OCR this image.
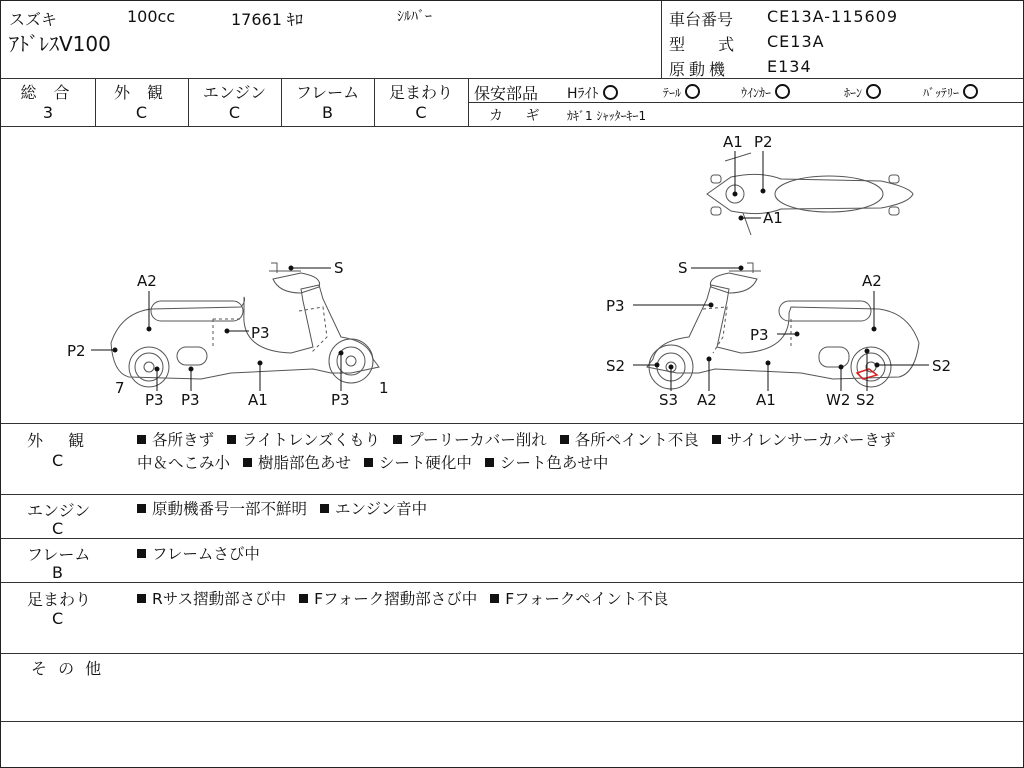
スズキ	100cc	17661 ｷﾛ	ｼﾙﾊﾞｰ
ｱﾄﾞﾚｽV100
車台番号 CE13A-115609
型 式 CE13A
原動機 E134
総 合
3
外 観
C
エンジン
C
フレーム
B
足まわり
C
保安部品 Hﾗｲﾄ	ﾃｰﾙ	ｳｲﾝｶｰ	ﾎｰﾝ	ﾊﾞｯﾃﾘｰ
カ ギ ｶｷﾞ1 ｼｬｯﾀｰｷｰ1
A2
P3
S
P2
7
P3 P3	A1	P3
1
S
A2
P3
P3
S2	S2
S3 A2	A1	W2 S2
A1 P2
A1
外 観
C
各所きず ライトレンズくもり プーリーカバー削れ 各所ペイント不良 サイレンサーカバーきず
中＆へこみ小 樹脂部色あせ シート硬化中 シート色あせ中
エンジン
C
原動機番号一部不鮮明 エンジン音中
フレーム
B
フレームさび中
足まわり
C
Rサス摺動部さび中 Fフォーク摺動部さび中 Fフォークペイント不良
そ の 他
